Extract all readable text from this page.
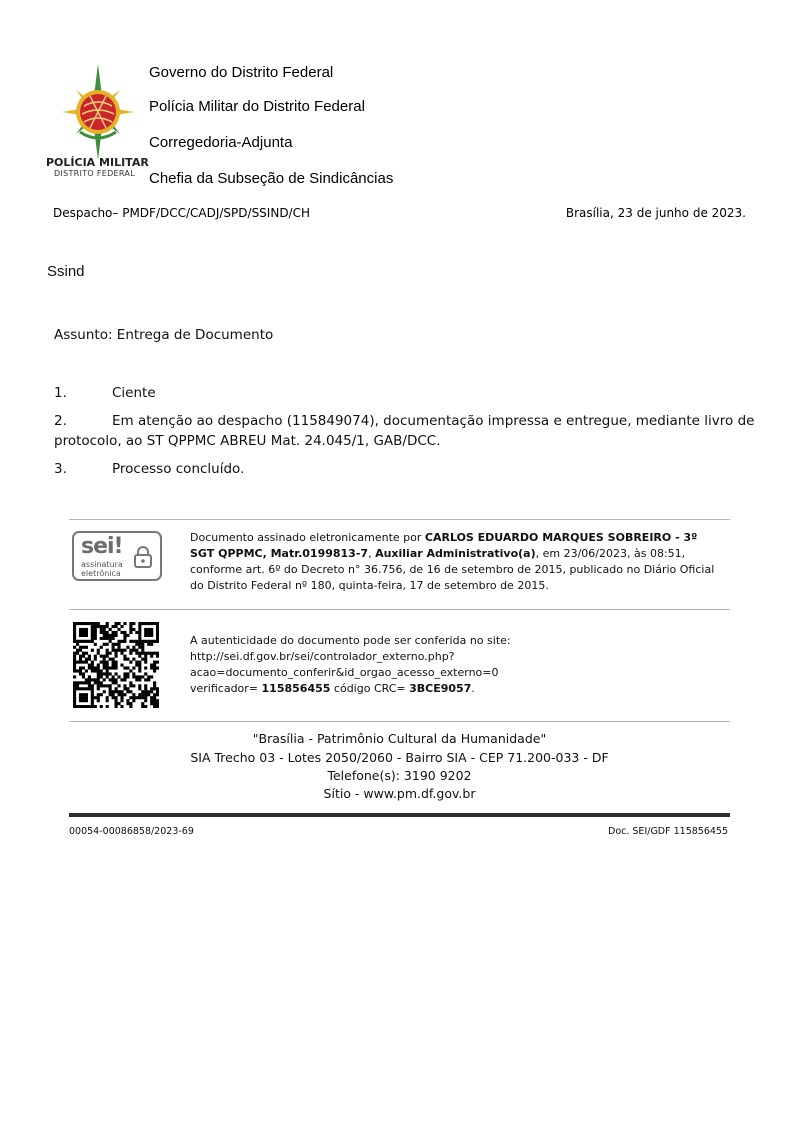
POLÍCIA MILITAR
DISTRITO FEDERAL
Governo do Distrito Federal
Polícia Militar do Distrito Federal
Corregedoria-Adjunta
Chefia da Subseção de Sindicâncias
Despacho– PMDF/DCC/CADJ/SPD/SSIND/CH	Brasília, 23 de junho de 2023.
Ssind
Assunto: Entrega de Documento
1.	Ciente
2.	Em atenção ao despacho (115849074), documentação impressa e entregue, mediante livro de
protocolo, ao ST QPPMC ABREU Mat. 24.045/1, GAB/DCC.
3.	Processo concluído.
sei!
assinatura
eletrônica
Documento assinado eletronicamente por CARLOS EDUARDO MARQUES SOBREIRO - 3º SGT QPPMC, Matr.0199813-7, Auxiliar Administrativo(a), em 23/06/2023, às 08:51, conforme art. 6º do Decreto n° 36.756, de 16 de setembro de 2015, publicado no Diário Oficial do Distrito Federal nº 180, quinta-feira, 17 de setembro de 2015.
A autenticidade do documento pode ser conferida no site:
http://sei.df.gov.br/sei/controlador_externo.php?
acao=documento_conferir&id_orgao_acesso_externo=0
verificador= 115856455 código CRC= 3BCE9057.
"Brasília - Patrimônio Cultural da Humanidade"
SIA Trecho 03 - Lotes 2050/2060 - Bairro SIA - CEP 71.200-033 - DF
Telefone(s): 3190 9202
Sítio - www.pm.df.gov.br
00054-00086858/2023-69	Doc. SEI/GDF 115856455
